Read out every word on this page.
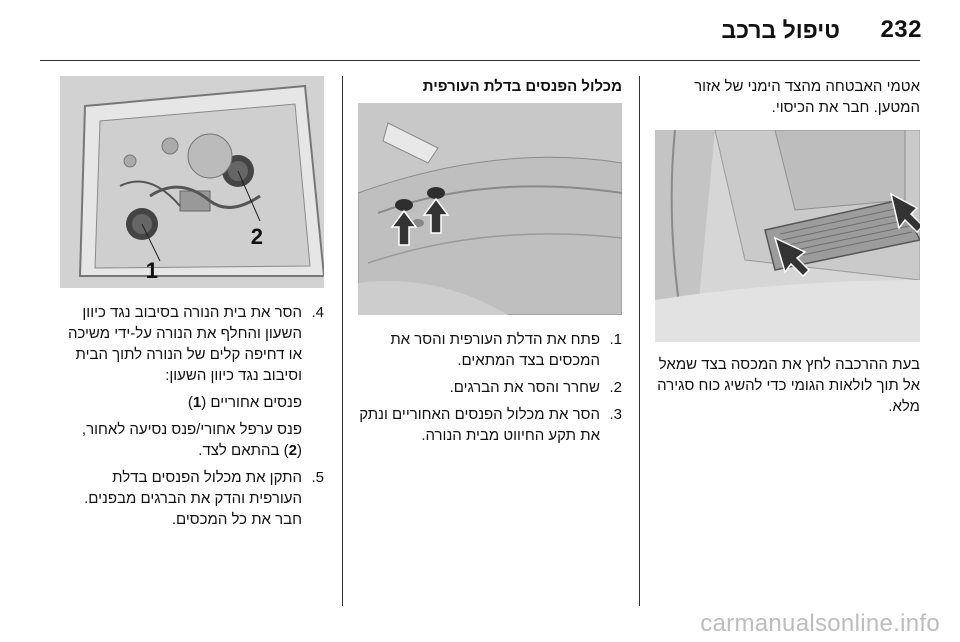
232
טיפול ברכב

אטמי האבטחה מהצד הימני של אזור המטען. חבר את הכיסוי.

בעת ההרכבה לחץ את המכסה בצד שמאל אל תוך לולאות הגומי כדי להשיג כוח סגירה מלא.

מכלול הפנסים בדלת העורפית
1.
פתח את הדלת העורפית והסר את המכסים בצד המתאים.
2.
שחרר והסר את הברגים.
3.
הסר את מכלול הפנסים האחוריים ונתק את תקע החיווט מבית הנורה.
1
2
4.
הסר את בית הנורה בסיבוב נגד כיוון השעון והחלף את הנורה על-ידי משיכה או דחיפה קלים של הנורה לתוך הבית וסיבוב נגד כיוון השעון:
פנסים אחוריים (1)
פנס ערפל אחורי/פנס נסיעה לאחור, (2) בהתאם לצד.
5.
התקן את מכלול הפנסים בדלת העורפית והדק את הברגים מבפנים. חבר את כל המכסים.
carmanualsonline.info
